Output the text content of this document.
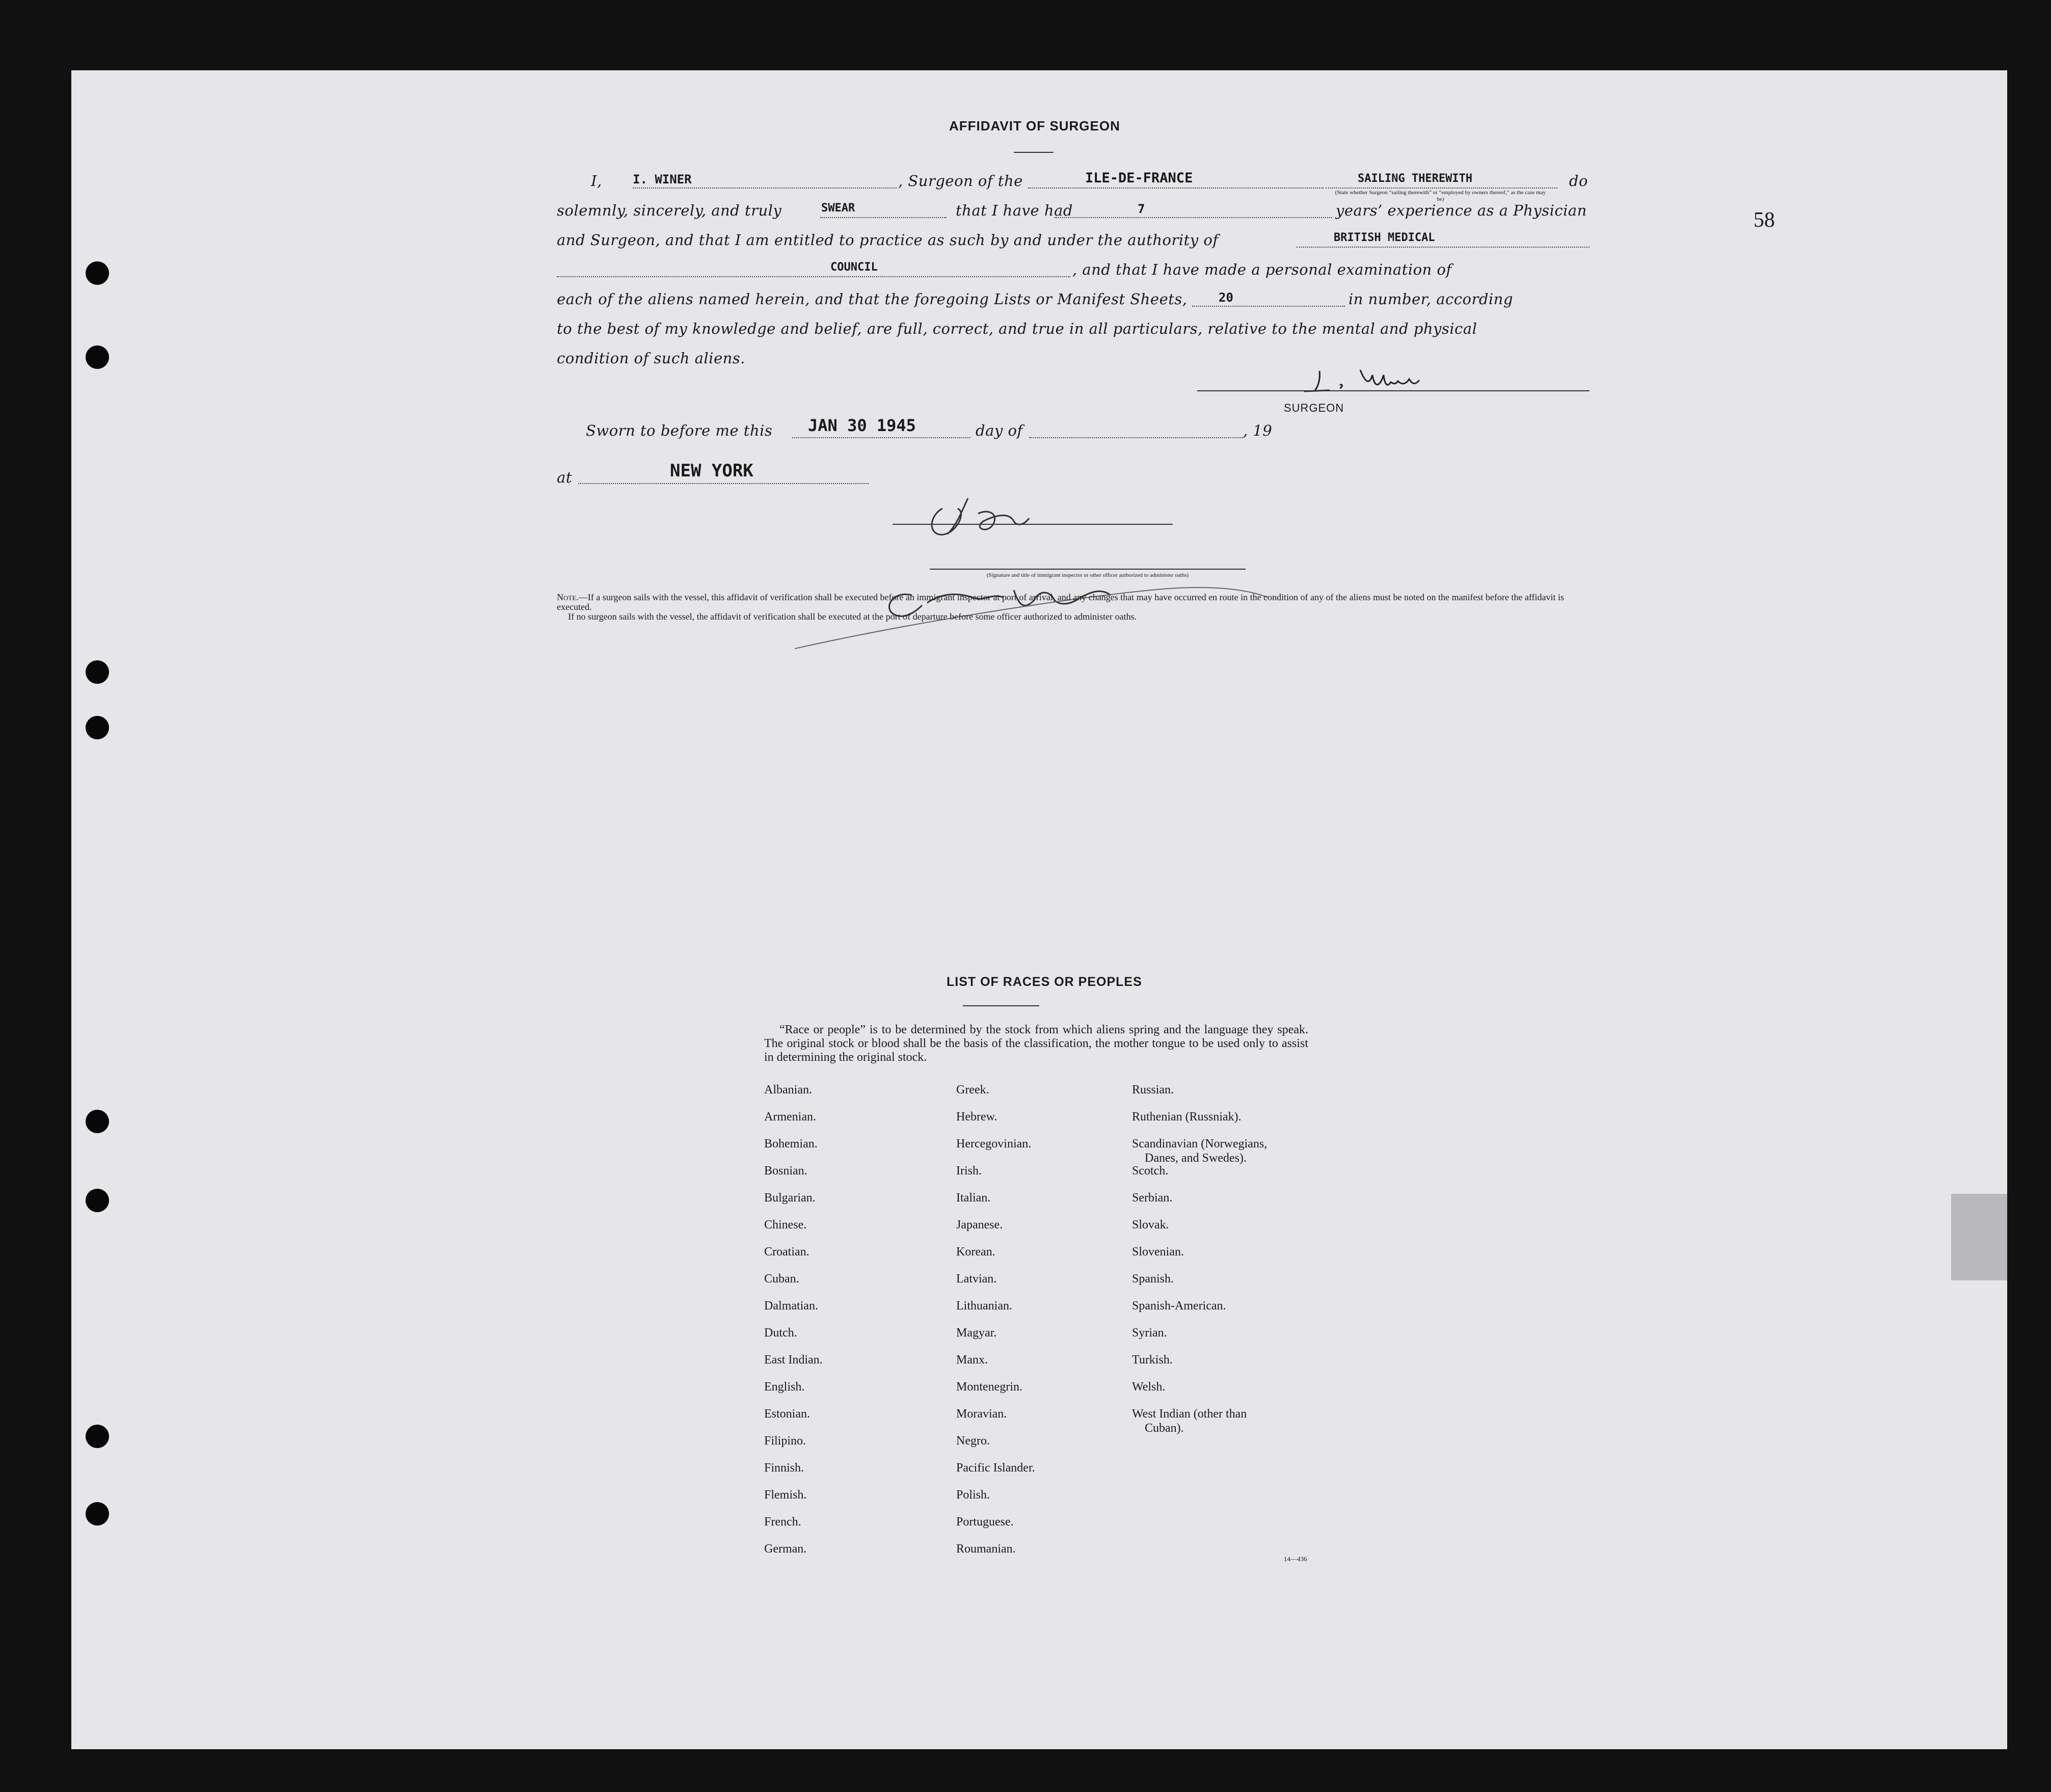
58
AFFIDAVIT OF SURGEON
I,	I. WINER	, Surgeon of the	ILE-DE-FRANCE	SAILING THEREWITH
(State whether Surgeon “sailing therewith” or “employed by owners thereof,” as the case may be)
do
solemnly, sincerely, and truly	SWEAR	that I have had	7	years’ experience as a Physician
and Surgeon, and that I am entitled to practice as such by and under the authority of	BRITISH MEDICAL
COUNCIL	, and that I have made a personal examination of
each of the aliens named herein, and that the foregoing Lists or Manifest Sheets,	20	in number, according
to the best of my knowledge and belief, are full, correct, and true in all particulars, relative to the mental and physical
condition of such aliens.
SURGEON
Sworn to before me this JAN 30 1945	day of	, 19
at	NEW YORK
(Signature and title of immigrant inspector or other officer authorized to administer oaths)
Note.—If a surgeon sails with the vessel, this affidavit of verification shall be executed before an immigrant inspector at port of arrival, and any changes that may have occurred en route in the condition of any of the aliens must be noted on the manifest before the affidavit is executed.
If no surgeon sails with the vessel, the affidavit of verification shall be executed at the port of departure before some officer authorized to administer oaths.
LIST OF RACES OR PEOPLES
“Race or people” is to be determined by the stock from which aliens spring and the language they speak. The original stock or blood shall be the basis of the classification, the mother tongue to be used only to assist in determining the original stock.
14—436
Albanian.
Armenian.
Bohemian.
Bosnian.
Bulgarian.
Chinese.
Croatian.
Cuban.
Dalmatian.
Dutch.
East Indian.
English.
Estonian.
Filipino.
Finnish.
Flemish.
French.
German.
Greek.
Hebrew.
Hercegovinian.
Irish.
Italian.
Japanese.
Korean.
Latvian.
Lithuanian.
Magyar.
Manx.
Montenegrin.
Moravian.
Negro.
Pacific Islander.
Polish.
Portuguese.
Roumanian.
Russian.
Ruthenian (Russniak).
Scandinavian (Norwegians,
Danes, and Swedes).
Scotch.
Serbian.
Slovak.
Slovenian.
Spanish.
Spanish-American.
Syrian.
Turkish.
Welsh.
West Indian (other than
Cuban).
